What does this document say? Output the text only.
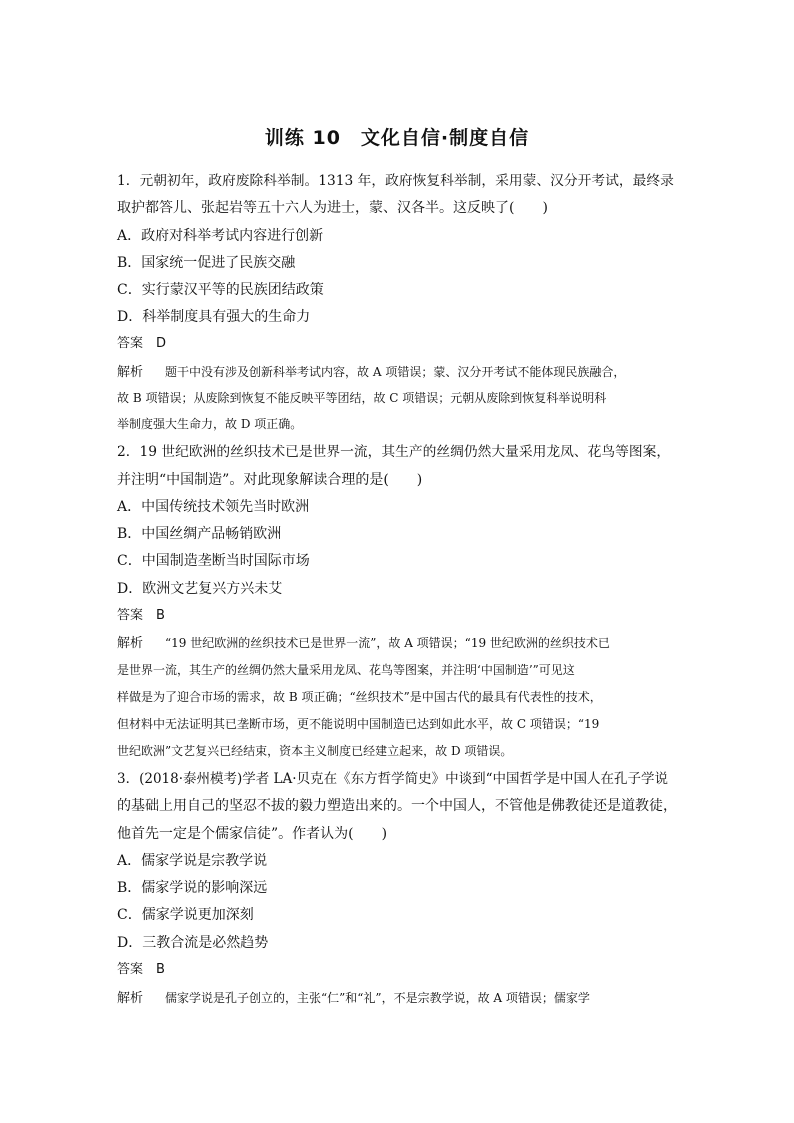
训练 10　文化自信·制度自信
1．元朝初年，政府废除科举制。1313 年，政府恢复科举制，采用蒙、汉分开考试，最终录
取护都答儿、张起岩等五十六人为进士，蒙、汉各半。这反映了(　　)
A．政府对科举考试内容进行创新
B．国家统一促进了民族交融
C．实行蒙汉平等的民族团结政策
D．科举制度具有强大的生命力
答案　 D
解析　 题干中没有涉及创新科举考试内容，故 A 项错误；蒙、汉分开考试不能体现民族融合，
故 B 项错误；从废除到恢复不能反映平等团结，故 C 项错误；元朝从废除到恢复科举说明科
举制度强大生命力，故 D 项正确。
2．19 世纪欧洲的丝织技术已是世界一流，其生产的丝绸仍然大量采用龙凤、花鸟等图案，
并注明“中国制造”。对此现象解读合理的是(　　)
A．中国传统技术领先当时欧洲
B．中国丝绸产品畅销欧洲
C．中国制造垄断当时国际市场
D．欧洲文艺复兴方兴未艾
答案　 B
解析　 “19 世纪欧洲的丝织技术已是世界一流”，故 A 项错误；“19 世纪欧洲的丝织技术已
是世界一流，其生产的丝绸仍然大量采用龙凤、花鸟等图案，并注明‘中国制造’”可见这
样做是为了迎合市场的需求，故 B 项正确；“丝织技术”是中国古代的最具有代表性的技术，
但材料中无法证明其已垄断市场，更不能说明中国制造已达到如此水平，故 C 项错误；“19
世纪欧洲”文艺复兴已经结束，资本主义制度已经建立起来，故 D 项错误。
3．(2018·泰州模考)学者 LA·贝克在《东方哲学简史》中谈到“中国哲学是中国人在孔子学说
的基础上用自己的坚忍不拔的毅力塑造出来的。一个中国人，不管他是佛教徒还是道教徒，
他首先一定是个儒家信徒”。作者认为(　　)
A．儒家学说是宗教学说
B．儒家学说的影响深远
C．儒家学说更加深刻
D．三教合流是必然趋势
答案　 B
解析　 儒家学说是孔子创立的，主张“仁”和“礼”，不是宗教学说，故 A 项错误；儒家学
